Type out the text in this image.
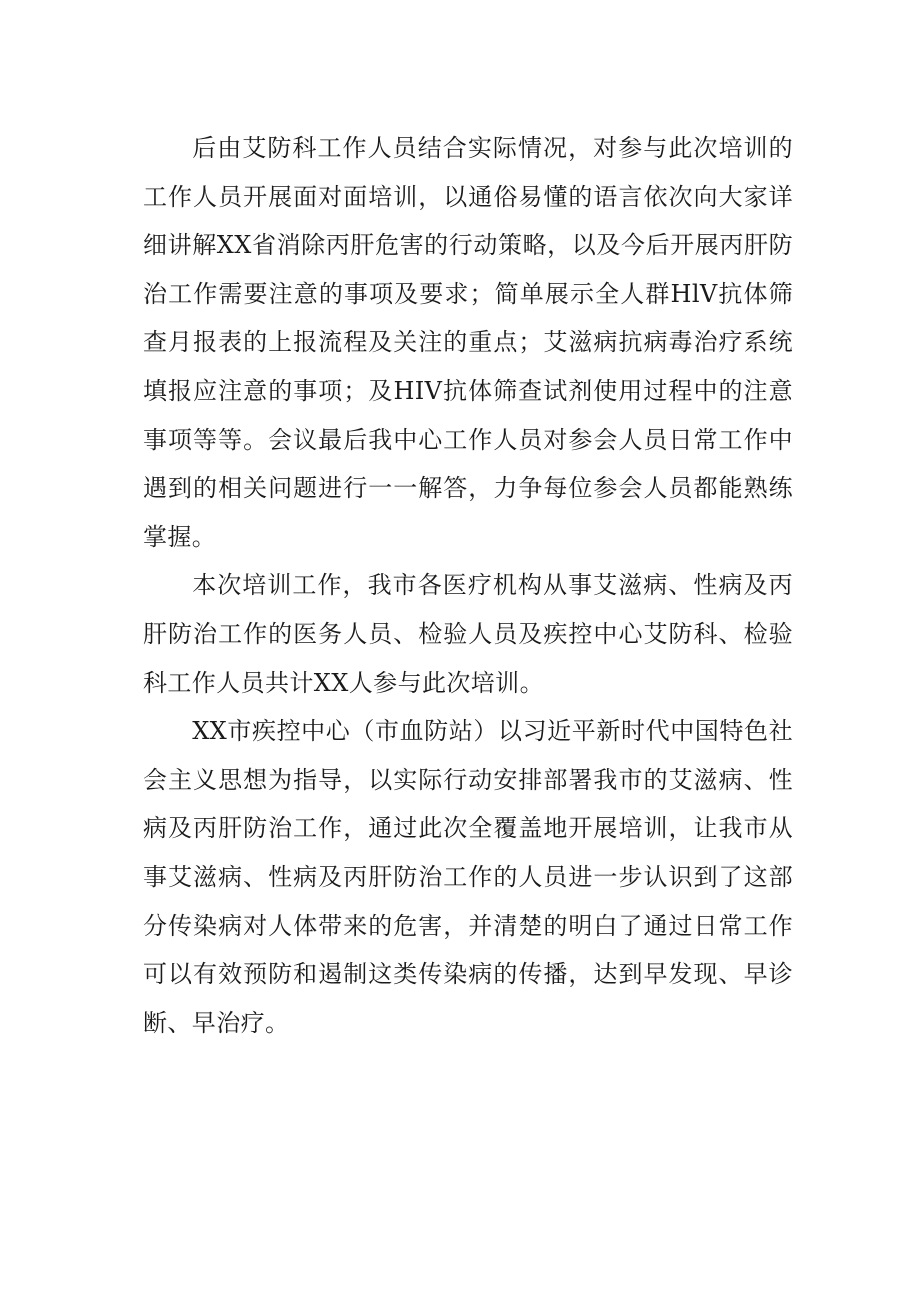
后由艾防科工作人员结合实际情况，对参与此次培训的工作人员开展面对面培训，以通俗易懂的语言依次向大家详细讲解XX省消除丙肝危害的行动策略，以及今后开展丙肝防治工作需要注意的事项及要求；简单展示全人群HlV抗体筛查月报表的上报流程及关注的重点；艾滋病抗病毒治疗系统填报应注意的事项；及HIV抗体筛查试剂使用过程中的注意事项等等。会议最后我中心工作人员对参会人员日常工作中遇到的相关问题进行一一解答，力争每位参会人员都能熟练掌握。

本次培训工作，我市各医疗机构从事艾滋病、性病及丙肝防治工作的医务人员、检验人员及疾控中心艾防科、检验科工作人员共计XX人参与此次培训。

XX市疾控中心（市血防站）以习近平新时代中国特色社会主义思想为指导，以实际行动安排部署我市的艾滋病、性病及丙肝防治工作，通过此次全覆盖地开展培训，让我市从事艾滋病、性病及丙肝防治工作的人员进一步认识到了这部分传染病对人体带来的危害，并清楚的明白了通过日常工作可以有效预防和遏制这类传染病的传播，达到早发现、早诊断、早治疗。
